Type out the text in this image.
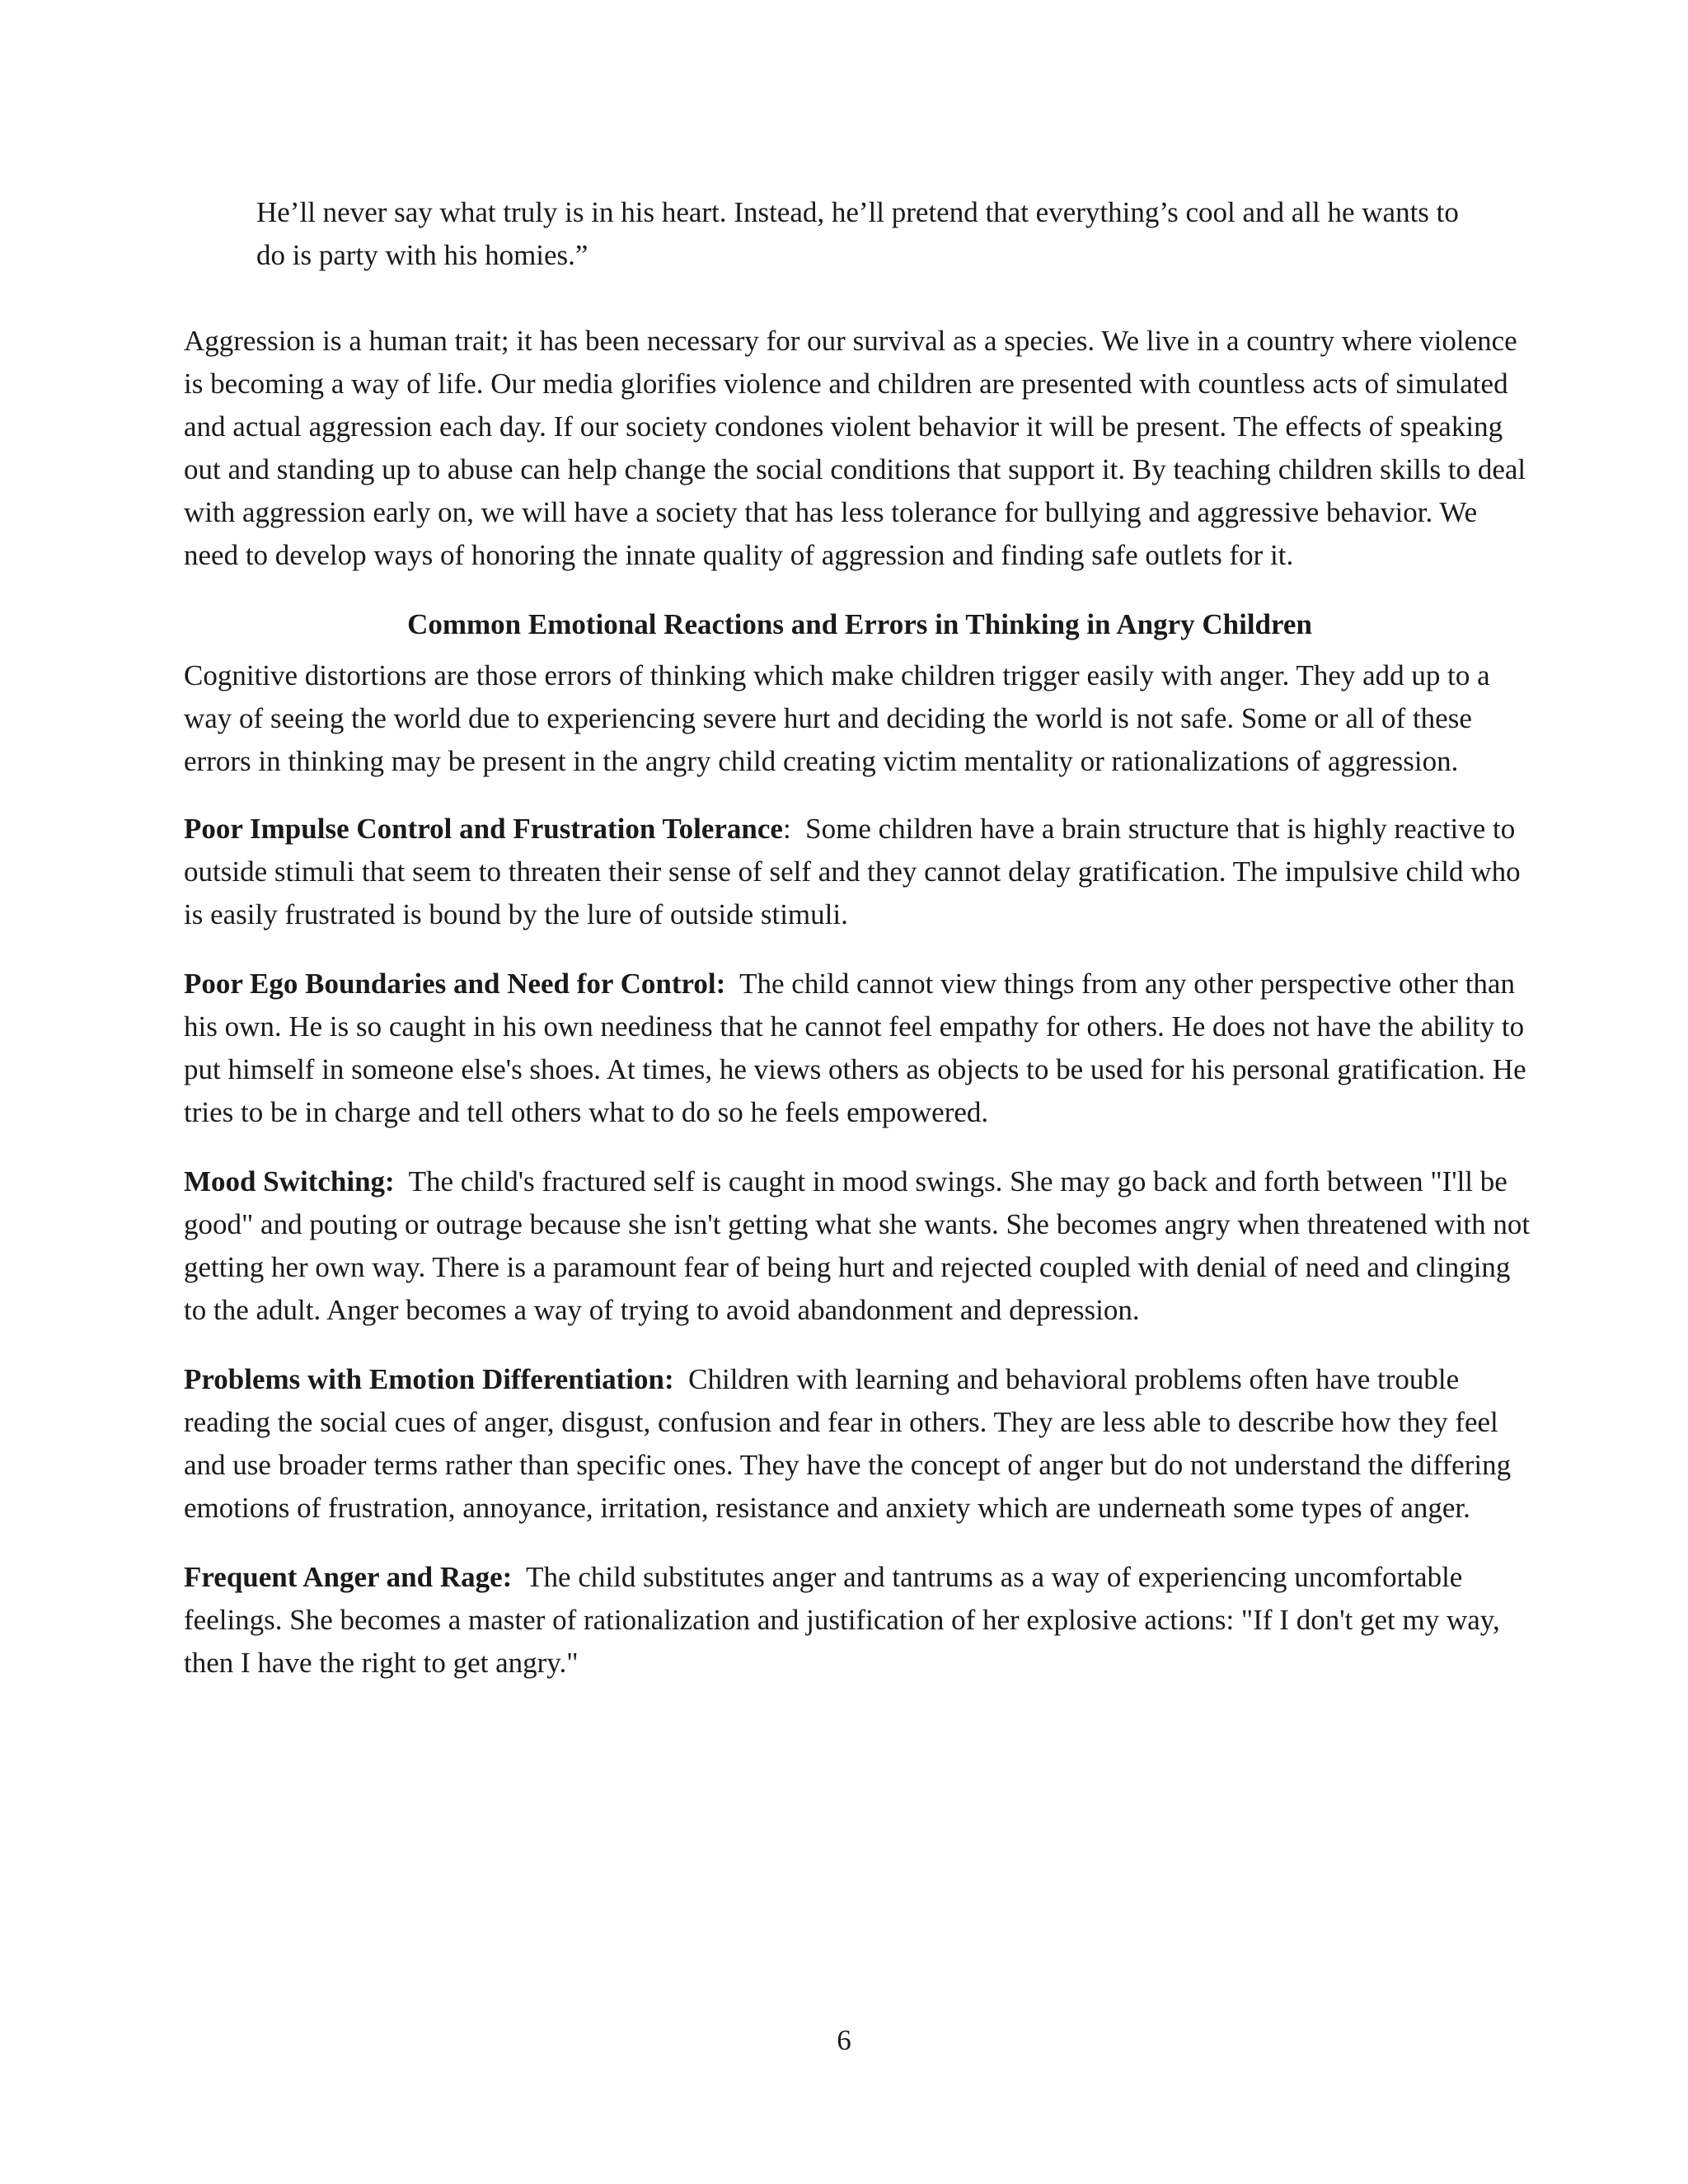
He’ll never say what truly is in his heart. Instead, he’ll pretend that everything’s cool and all he wants to do is party with his homies.”

Aggression is a human trait; it has been necessary for our survival as a species. We live in a country where violence is becoming a way of life. Our media glorifies violence and children are presented with countless acts of simulated and actual aggression each day. If our society condones violent behavior it will be present. The effects of speaking out and standing up to abuse can help change the social conditions that support it. By teaching children skills to deal with aggression early on, we will have a society that has less tolerance for bullying and aggressive behavior. We need to develop ways of honoring the innate quality of aggression and finding safe outlets for it.

Common Emotional Reactions and Errors in Thinking in Angry Children

Cognitive distortions are those errors of thinking which make children trigger easily with anger. They add up to a way of seeing the world due to experiencing severe hurt and deciding the world is not safe. Some or all of these errors in thinking may be present in the angry child creating victim mentality or rationalizations of aggression.

Poor Impulse Control and Frustration Tolerance:  Some children have a brain structure that is highly reactive to outside stimuli that seem to threaten their sense of self and they cannot delay gratification. The impulsive child who is easily frustrated is bound by the lure of outside stimuli.

Poor Ego Boundaries and Need for Control: The child cannot view things from any other perspective other than his own. He is so caught in his own neediness that he cannot feel empathy for others. He does not have the ability to put himself in someone else's shoes. At times, he views others as objects to be used for his personal gratification. He tries to be in charge and tell others what to do so he feels empowered.

Mood Switching: The child's fractured self is caught in mood swings. She may go back and forth between "I'll be good" and pouting or outrage because she isn't getting what she wants. She becomes angry when threatened with not getting her own way. There is a paramount fear of being hurt and rejected coupled with denial of need and clinging to the adult. Anger becomes a way of trying to avoid abandonment and depression.

Problems with Emotion Differentiation: Children with learning and behavioral problems often have trouble reading the social cues of anger, disgust, confusion and fear in others. They are less able to describe how they feel and use broader terms rather than specific ones. They have the concept of anger but do not understand the differing emotions of frustration, annoyance, irritation, resistance and anxiety which are underneath some types of anger.

Frequent Anger and Rage: The child substitutes anger and tantrums as a way of experiencing uncomfortable feelings. She becomes a master of rationalization and justification of her explosive actions: "If I don't get my way, then I have the right to get angry."

6
